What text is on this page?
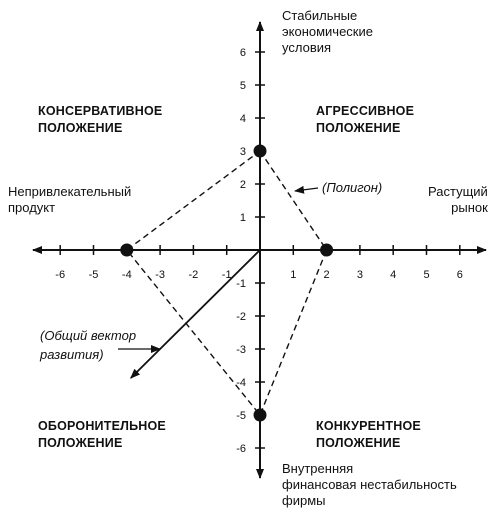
-6 -5 -4 -3 -2 -1	1 2 3 4 5 6
6
5
4
3
2
1
-1
-2
-3
-4
-5
-6
Стабильные
экономические
условия
Внутренняя
финансовая нестабильность
фирмы
Непривлекательный
продукт
Растущий
рынок
КОНСЕРВАТИВНОЕ
ПОЛОЖЕНИЕ
АГРЕССИВНОЕ
ПОЛОЖЕНИЕ
ОБОРОНИТЕЛЬНОЕ
ПОЛОЖЕНИЕ
КОНКУРЕНТНОЕ
ПОЛОЖЕНИЕ
(Полигон)
(Общий вектор
развития)
